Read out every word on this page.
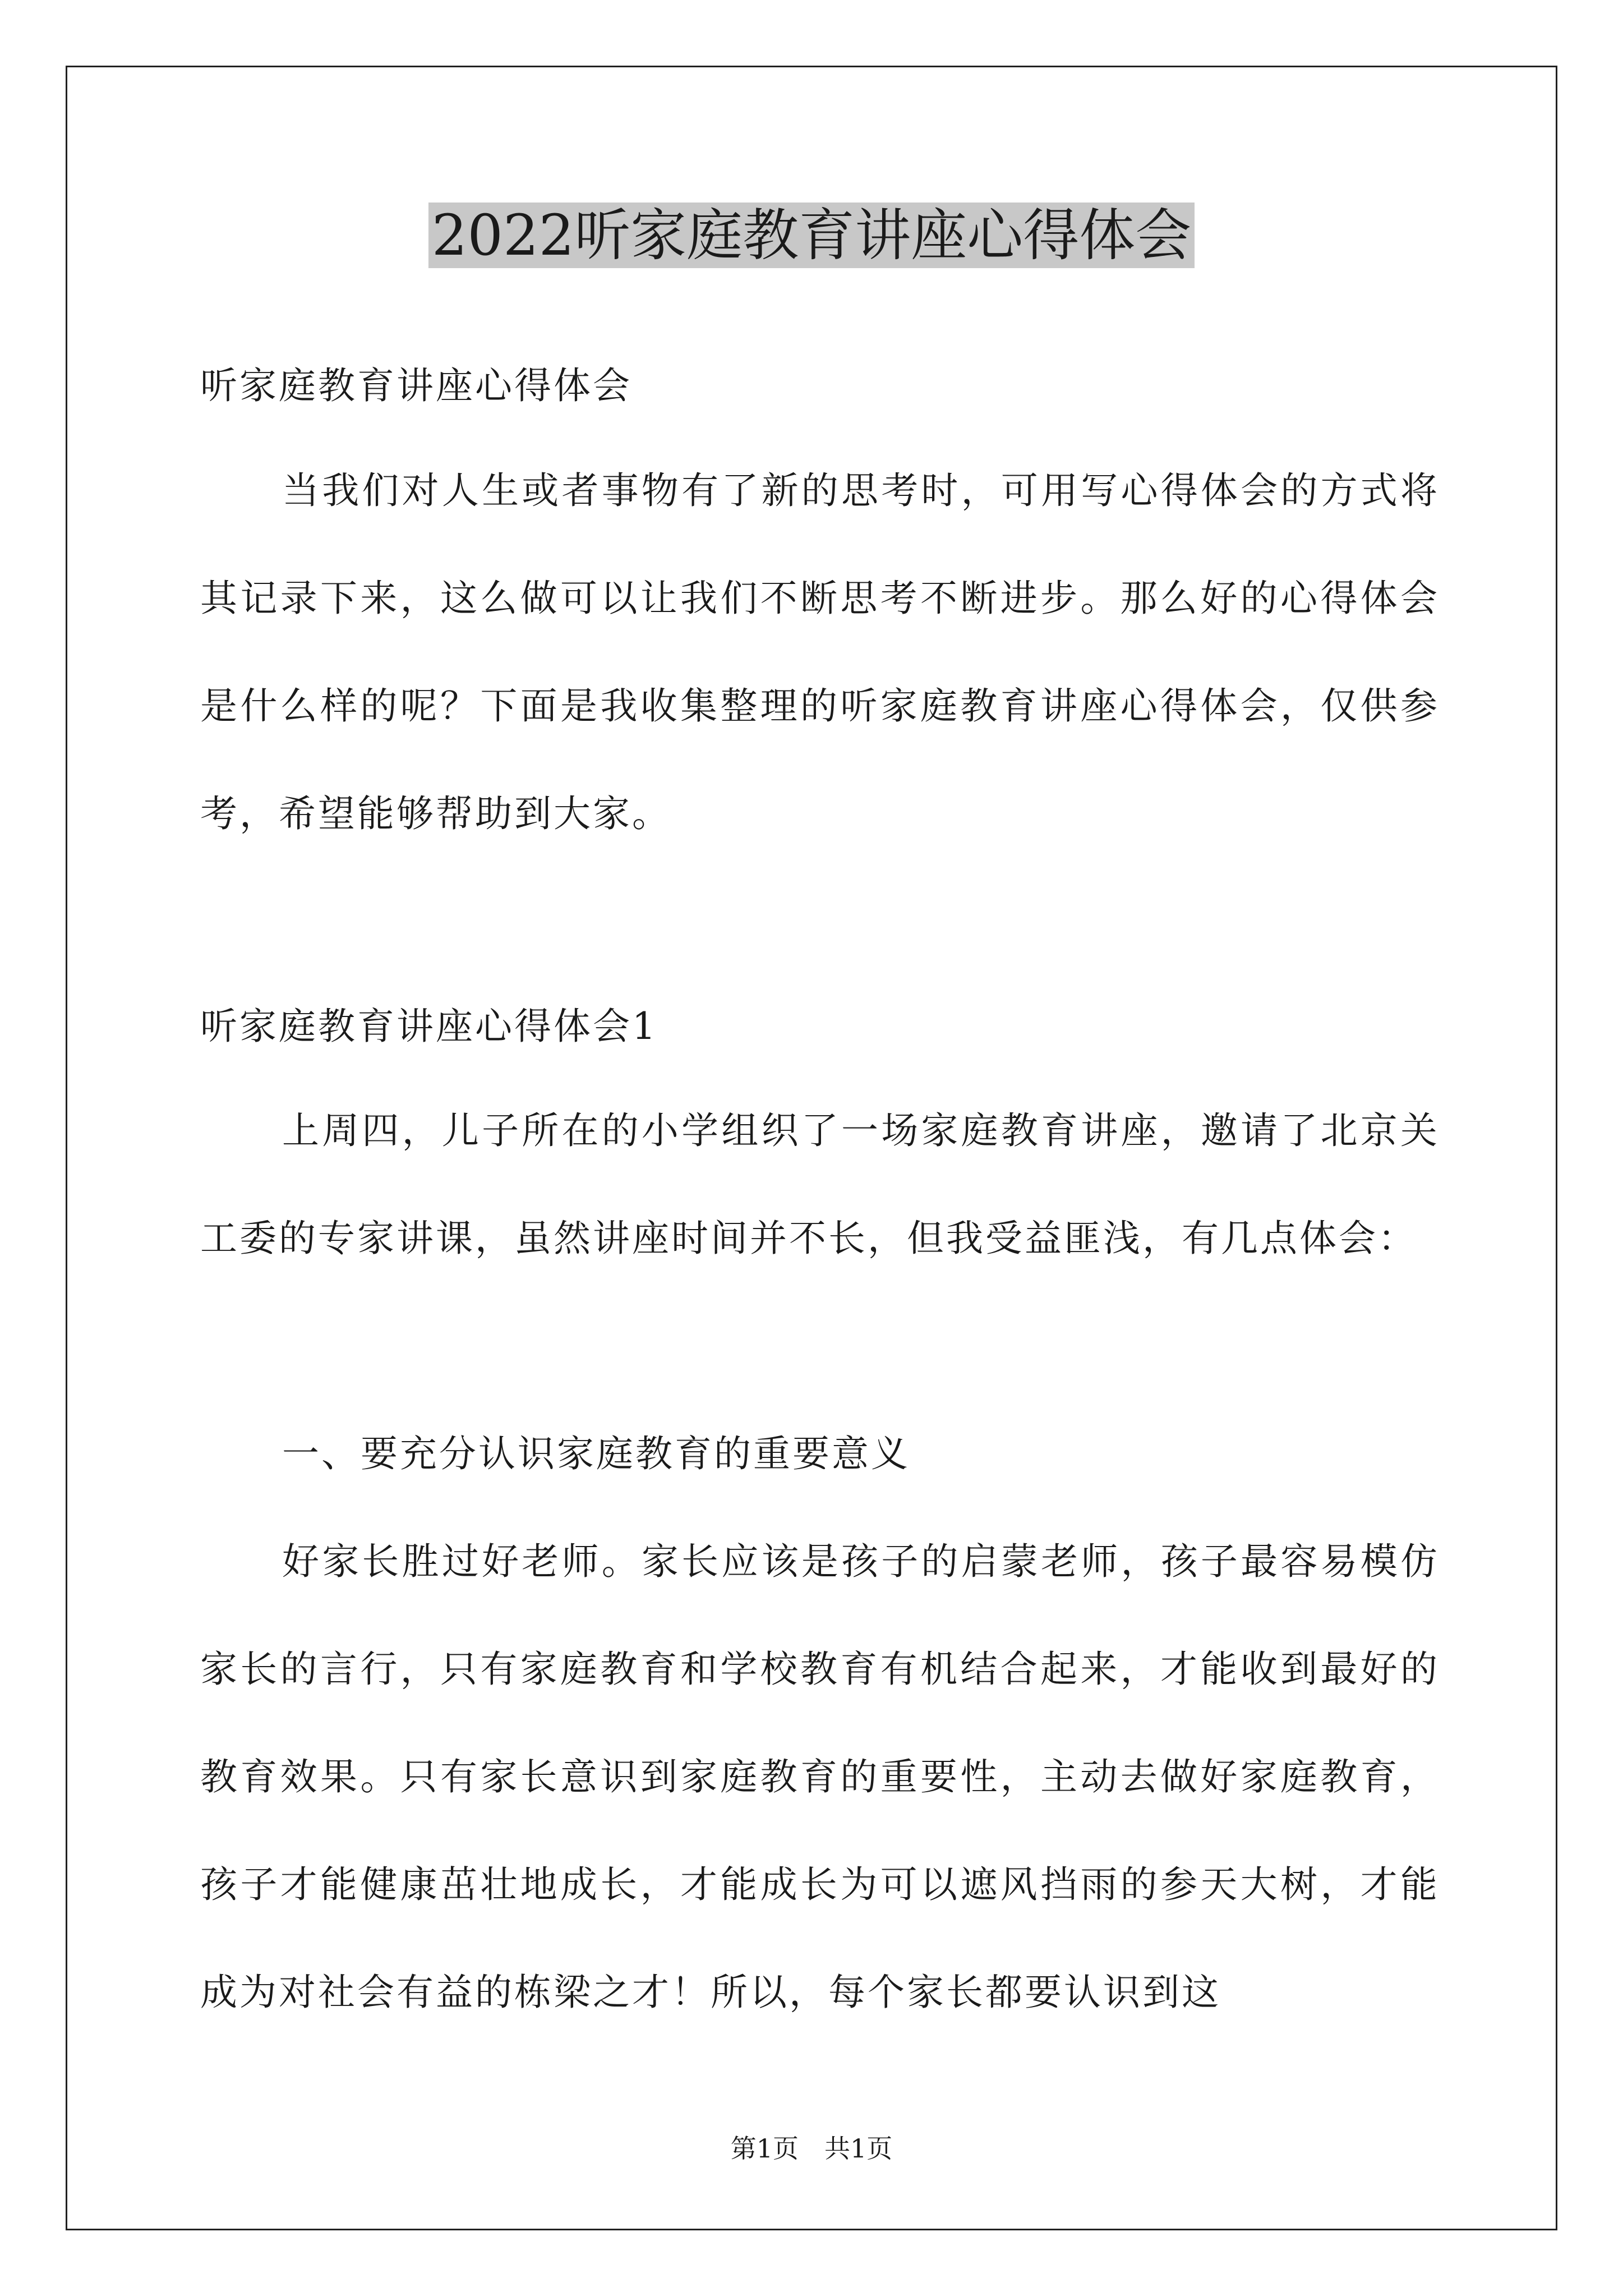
2022听家庭教育讲座心得体会

听家庭教育讲座心得体会

当我们对人生或者事物有了新的思考时，可用写心得体会的方式将其记录下来，这么做可以让我们不断思考不断进步。那么好的心得体会是什么样的呢？下面是我收集整理的听家庭教育讲座心得体会，仅供参考，希望能够帮助到大家。

听家庭教育讲座心得体会1

上周四，儿子所在的小学组织了一场家庭教育讲座，邀请了北京关工委的专家讲课，虽然讲座时间并不长，但我受益匪浅，有几点体会：

一、要充分认识家庭教育的重要意义

好家长胜过好老师。家长应该是孩子的启蒙老师，孩子最容易模仿家长的言行，只有家庭教育和学校教育有机结合起来，才能收到最好的教育效果。只有家长意识到家庭教育的重要性，主动去做好家庭教育，孩子才能健康茁壮地成长，才能成长为可以遮风挡雨的参天大树，才能成为对社会有益的栋梁之才！所以，每个家长都要认识到这

第1页　共1页
